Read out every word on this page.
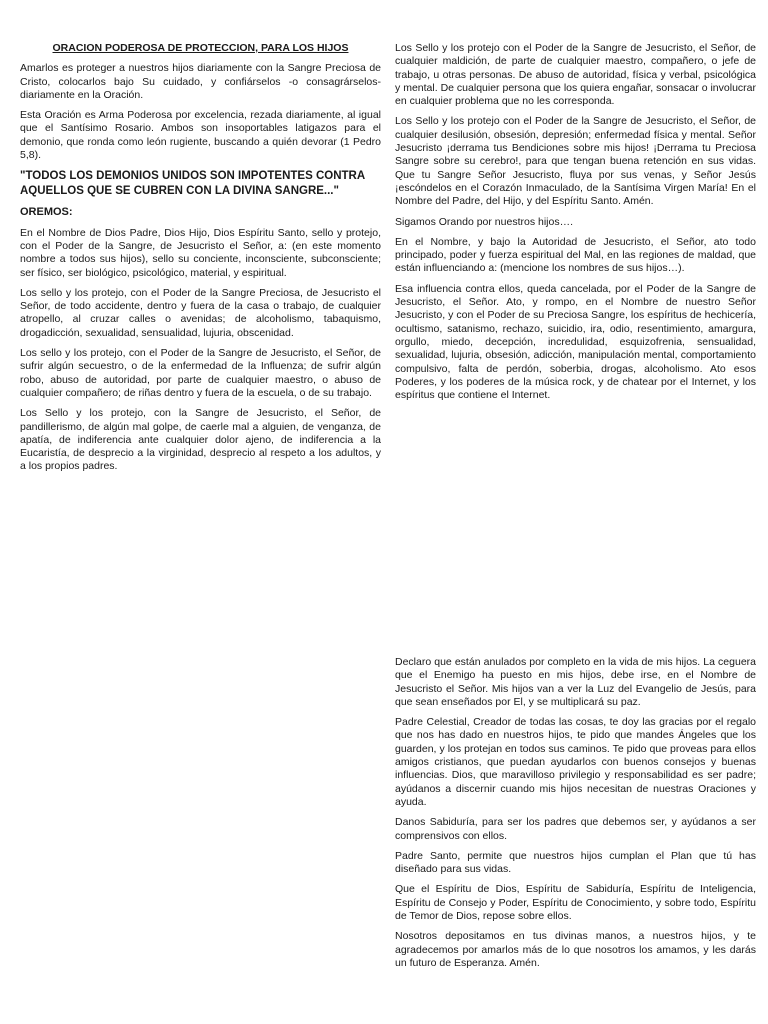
ORACION PODEROSA DE PROTECCION, PARA LOS HIJOS

Amarlos es proteger a nuestros hijos diariamente con la Sangre Preciosa de Cristo, colocarlos bajo Su cuidado, y confiárselos -o consagrárselos- diariamente en la Oración.

Esta Oración es Arma Poderosa por excelencia, rezada diariamente, al igual que el Santísimo Rosario. Ambos son insoportables latigazos para el demonio, que ronda como león rugiente, buscando a quién devorar (1 Pedro 5,8).

"TODOS LOS DEMONIOS UNIDOS SON IMPOTENTES CONTRA AQUELLOS QUE SE CUBREN CON LA DIVINA SANGRE..."

OREMOS:

En el Nombre de Dios Padre, Dios Hijo, Dios Espíritu Santo, sello y protejo, con el Poder de la Sangre, de Jesucristo el Señor, a: (en este momento nombre a todos sus hijos), sello su conciente, inconsciente, subconsciente; ser físico, ser biológico, psicológico, material, y espiritual.

Los sello y los protejo, con el Poder de la Sangre Preciosa, de Jesucristo el Señor, de todo accidente, dentro y fuera de la casa o trabajo, de cualquier atropello, al cruzar calles o avenidas; de alcoholismo, tabaquismo, drogadicción, sexualidad, sensualidad, lujuria, obscenidad.

Los sello y los protejo, con el Poder de la Sangre de Jesucristo, el Señor, de sufrir algún secuestro, o de la enfermedad de la Influenza; de sufrir algún robo, abuso de autoridad, por parte de cualquier maestro, o abuso de cualquier compañero; de riñas dentro y fuera de la escuela, o de su trabajo.

Los Sello y los protejo, con la Sangre de Jesucristo, el Señor, de pandillerismo, de algún mal golpe, de caerle mal a alguien, de venganza, de apatía, de indiferencia ante cualquier dolor ajeno, de indiferencia a la Eucaristía, de desprecio a la virginidad, desprecio al respeto a los adultos, y a los propios padres.

Los Sello y los protejo con el Poder de la Sangre de Jesucristo, el Señor, de cualquier maldición, de parte de cualquier maestro, compañero, o jefe de trabajo, u otras personas. De abuso de autoridad, física y verbal, psicológica y mental. De cualquier persona que los quiera engañar, sonsacar o involucrar en cualquier problema que no les corresponda.

Los Sello y los protejo con el Poder de la Sangre de Jesucristo, el Señor, de cualquier desilusión, obsesión, depresión; enfermedad física y mental. Señor Jesucristo ¡derrama tus Bendiciones sobre mis hijos! ¡Derrama tu Preciosa Sangre sobre su cerebro!, para que tengan buena retención en sus vidas. Que tu Sangre Señor Jesucristo, fluya por sus venas, y Señor Jesús ¡escóndelos en el Corazón Inmaculado, de la Santísima Virgen María! En el Nombre del Padre, del Hijo, y del Espíritu Santo. Amén.

Sigamos Orando por nuestros hijos….

En el Nombre, y bajo la Autoridad de Jesucristo, el Señor, ato todo principado, poder y fuerza espiritual del Mal, en las regiones de maldad, que están influenciando a: (mencione los nombres de sus hijos…).

Esa influencia contra ellos, queda cancelada, por el Poder de la Sangre de Jesucristo, el Señor. Ato, y rompo, en el Nombre de nuestro Señor Jesucristo, y con el Poder de su Preciosa Sangre, los espíritus de hechicería, ocultismo, satanismo, rechazo, suicidio, ira, odio, resentimiento, amargura, orgullo, miedo, decepción, incredulidad, esquizofrenia, sensualidad, sexualidad, lujuria, obsesión, adicción, manipulación mental, comportamiento compulsivo, falta de perdón, soberbia, drogas, alcoholismo. Ato esos Poderes, y los poderes de la música rock, y de chatear por el Internet, y los espíritus que contiene el Internet.

Declaro que están anulados por completo en la vida de mis hijos. La ceguera que el Enemigo ha puesto en mis hijos, debe irse, en el Nombre de Jesucristo el Señor. Mis hijos van a ver la Luz del Evangelio de Jesús, para que sean enseñados por El, y se multiplicará su paz.

Padre Celestial, Creador de todas las cosas, te doy las gracias por el regalo que nos has dado en nuestros hijos, te pido que mandes Ángeles que los guarden, y los protejan en todos sus caminos. Te pido que proveas para ellos amigos cristianos, que puedan ayudarlos con buenos consejos y buenas influencias. Dios, que maravilloso privilegio y responsabilidad es ser padre; ayúdanos a discernir cuando mis hijos necesitan de nuestras Oraciones y ayuda.

Danos Sabiduría, para ser los padres que debemos ser, y ayúdanos a ser comprensivos con ellos.

Padre Santo, permite que nuestros hijos cumplan el Plan que tú has diseñado para sus vidas.

Que el Espíritu de Dios, Espíritu de Sabiduría, Espíritu de Inteligencia, Espíritu de Consejo y Poder, Espíritu de Conocimiento, y sobre todo, Espíritu de Temor de Dios, repose sobre ellos.

Nosotros depositamos en tus divinas manos, a nuestros hijos, y te agradecemos por amarlos más de lo que nosotros los amamos, y les darás un futuro de Esperanza. Amén.
